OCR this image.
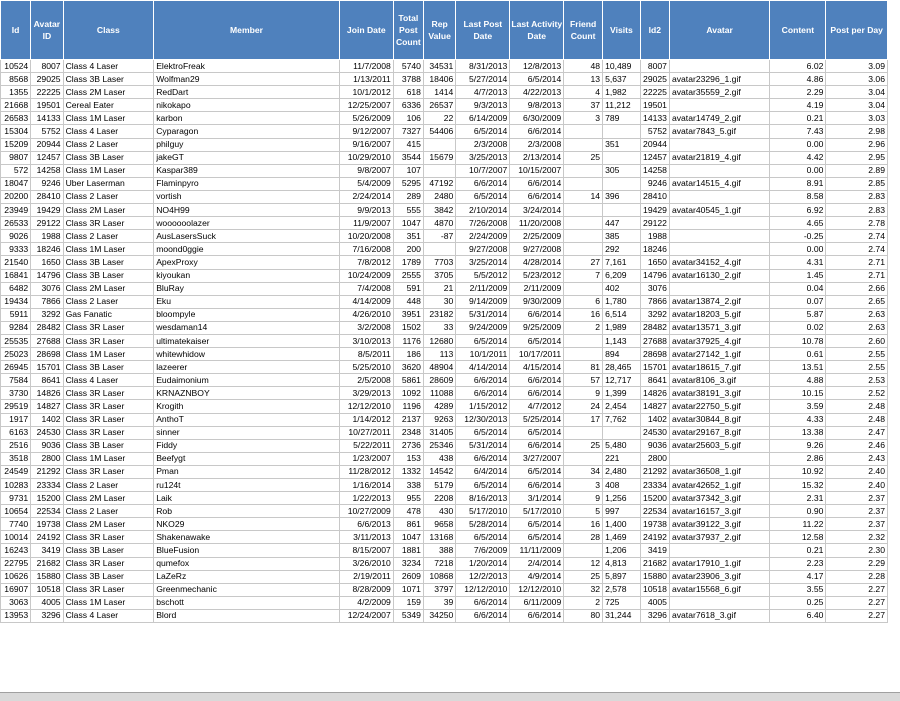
Id	Avatar ID	Class	Member	Join Date	Total Post Count	Rep Value	Last Post Date	Last Activity Date	Friend Count	Visits	Id2	Avatar	Content	Post per Day
10524	8007	Class 4 Laser	ElektroFreak	11/7/2008	5740	34531	8/31/2013	12/8/2013	48	10,489	8007		6.02	3.09
8568	29025	Class 3B Laser	Wolfman29	1/13/2011	3788	18406	5/27/2014	6/5/2014	13	5,637	29025	avatar23296_1.gif	4.86	3.06
1355	22225	Class 2M Laser	RedDart	10/1/2012	618	1414	4/7/2013	4/22/2013	4	1,982	22225	avatar35559_2.gif	2.29	3.04
21668	19501	Cereal Eater	nikokapo	12/25/2007	6336	26537	9/3/2013	9/8/2013	37	11,212	19501		4.19	3.04
26583	14133	Class 1M Laser	karbon	5/26/2009	106	22	6/14/2009	6/30/2009	3	789	14133	avatar14749_2.gif	0.21	3.03
15304	5752	Class 4 Laser	Cyparagon	9/12/2007	7327	54406	6/5/2014	6/6/2014			5752	avatar7843_5.gif	7.43	2.98
15209	20944	Class 2 Laser	philguy	9/16/2007	415		2/3/2008	2/3/2008		351	20944		0.00	2.96
9807	12457	Class 3B Laser	jakeGT	10/29/2010	3544	15679	3/25/2013	2/13/2014	25		12457	avatar21819_4.gif	4.42	2.95
572	14258	Class 1M Laser	Kaspar389	9/8/2007	107		10/7/2007	10/15/2007		305	14258		0.00	2.89
18047	9246	Uber Laserman	Flaminpyro	5/4/2009	5295	47192	6/6/2014	6/6/2014			9246	avatar14515_4.gif	8.91	2.85
20200	28410	Class 2 Laser	vortish	2/24/2014	289	2480	6/5/2014	6/6/2014	14	396	28410		8.58	2.83
23949	19429	Class 2M Laser	NO4H99	9/9/2013	555	3842	2/10/2014	3/24/2014			19429	avatar40545_1.gif	6.92	2.83
26533	29122	Class 3R Laser	woooooolazer	11/9/2007	1047	4870	7/26/2008	11/20/2008		447	29122		4.65	2.78
9026	1988	Class 2 Laser	AusLasersSuck	10/20/2008	351	-87	2/24/2009	2/25/2009		385	1988		-0.25	2.74
9333	18246	Class 1M Laser	moond0ggie	7/16/2008	200		9/27/2008	9/27/2008		292	18246		0.00	2.74
21540	1650	Class 3B Laser	ApexProxy	7/8/2012	1789	7703	3/25/2014	4/28/2014	27	7,161	1650	avatar34152_4.gif	4.31	2.71
16841	14796	Class 3B Laser	kiyoukan	10/24/2009	2555	3705	5/5/2012	5/23/2012	7	6,209	14796	avatar16130_2.gif	1.45	2.71
6482	3076	Class 2M Laser	BluRay	7/4/2008	591	21	2/11/2009	2/11/2009		402	3076		0.04	2.66
19434	7866	Class 2 Laser	Eku	4/14/2009	448	30	9/14/2009	9/30/2009	6	1,780	7866	avatar13874_2.gif	0.07	2.65
5911	3292	Gas Fanatic	bloompyle	4/26/2010	3951	23182	5/31/2014	6/6/2014	16	6,514	3292	avatar18203_5.gif	5.87	2.63
9284	28482	Class 3R Laser	wesdaman14	3/2/2008	1502	33	9/24/2009	9/25/2009	2	1,989	28482	avatar13571_3.gif	0.02	2.63
25535	27688	Class 3R Laser	ultimatekaiser	3/10/2013	1176	12680	6/5/2014	6/5/2014		1,143	27688	avatar37925_4.gif	10.78	2.60
25023	28698	Class 1M Laser	whitewhidow	8/5/2011	186	113	10/1/2011	10/17/2011		894	28698	avatar27142_1.gif	0.61	2.55
26945	15701	Class 3B Laser	lazeerer	5/25/2010	3620	48904	4/14/2014	4/15/2014	81	28,465	15701	avatar18615_7.gif	13.51	2.55
7584	8641	Class 4 Laser	Eudaimonium	2/5/2008	5861	28609	6/6/2014	6/6/2014	57	12,717	8641	avatar8106_3.gif	4.88	2.53
3730	14826	Class 3R Laser	KRNAZNBOY	3/29/2013	1092	11088	6/6/2014	6/6/2014	9	1,399	14826	avatar38191_3.gif	10.15	2.52
29519	14827	Class 3R Laser	Krogith	12/12/2010	1196	4289	1/15/2012	4/7/2012	24	2,454	14827	avatar22750_5.gif	3.59	2.48
1917	1402	Class 3R Laser	AnthoT	1/14/2012	2137	9263	12/30/2013	5/25/2014	17	7,762	1402	avatar30844_8.gif	4.33	2.48
6163	24530	Class 3R Laser	sinner	10/27/2011	2348	31405	6/5/2014	6/5/2014			24530	avatar29167_8.gif	13.38	2.47
2516	9036	Class 3B Laser	Fiddy	5/22/2011	2736	25346	5/31/2014	6/6/2014	25	5,480	9036	avatar25603_5.gif	9.26	2.46
3518	2800	Class 1M Laser	Beefygt	1/23/2007	153	438	6/6/2014	3/27/2007		221	2800		2.86	2.43
24549	21292	Class 3R Laser	Pman	11/28/2012	1332	14542	6/4/2014	6/5/2014	34	2,480	21292	avatar36508_1.gif	10.92	2.40
10283	23334	Class 2 Laser	ru124t	1/16/2014	338	5179	6/5/2014	6/6/2014	3	408	23334	avatar42652_1.gif	15.32	2.40
9731	15200	Class 2M Laser	Laik	1/22/2013	955	2208	8/16/2013	3/1/2014	9	1,256	15200	avatar37342_3.gif	2.31	2.37
10654	22534	Class 2 Laser	Rob	10/27/2009	478	430	5/17/2010	5/17/2010	5	997	22534	avatar16157_3.gif	0.90	2.37
7740	19738	Class 2M Laser	NKO29	6/6/2013	861	9658	5/28/2014	6/5/2014	16	1,400	19738	avatar39122_3.gif	11.22	2.37
10014	24192	Class 3R Laser	Shakenawake	3/11/2013	1047	13168	6/5/2014	6/5/2014	28	1,469	24192	avatar37937_2.gif	12.58	2.32
16243	3419	Class 3B Laser	BlueFusion	8/15/2007	1881	388	7/6/2009	11/11/2009		1,206	3419		0.21	2.30
22795	21682	Class 3R Laser	qumefox	3/26/2010	3234	7218	1/20/2014	2/4/2014	12	4,813	21682	avatar17910_1.gif	2.23	2.29
10626	15880	Class 3B Laser	LaZeRz	2/19/2011	2609	10868	12/2/2013	4/9/2014	25	5,897	15880	avatar23906_3.gif	4.17	2.28
16907	10518	Class 3R Laser	Greenmechanic	8/28/2009	1071	3797	12/12/2010	12/12/2010	32	2,578	10518	avatar15568_6.gif	3.55	2.27
3063	4005	Class 1M Laser	bschott	4/2/2009	159	39	6/6/2014	6/11/2009	2	725	4005		0.25	2.27
13953	3296	Class 4 Laser	Blord	12/24/2007	5349	34250	6/6/2014	6/6/2014	80	31,244	3296	avatar7618_3.gif	6.40	2.27
